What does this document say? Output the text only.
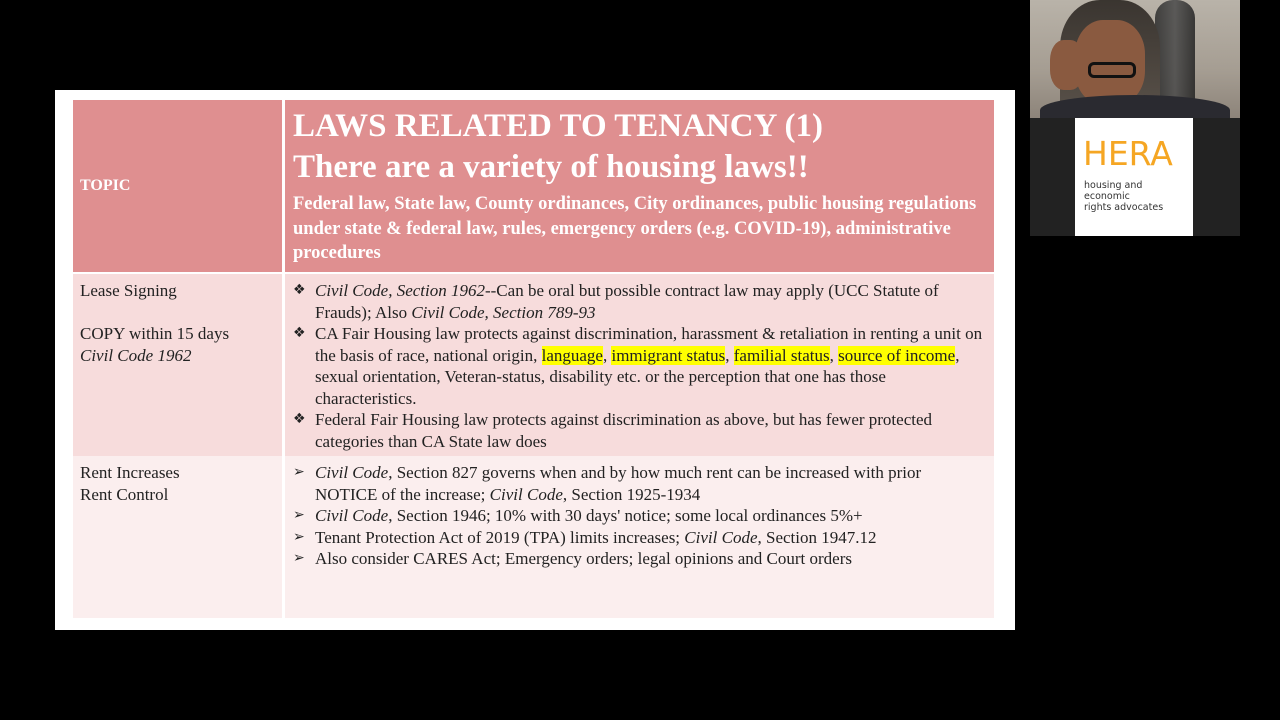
TOPIC
LAWS RELATED TO TENANCY (1)
There are a variety of housing laws!!
Federal law, State law, County ordinances, City ordinances, public housing regulations under state & federal law, rules, emergency orders (e.g. COVID-19), administrative procedures
Lease Signing
COPY within 15 days
Civil Code 1962
❖ Civil Code, Section 1962--Can be oral but possible contract law may apply (UCC Statute of Frauds); Also Civil Code, Section 789-93
❖ CA Fair Housing law protects against discrimination, harassment & retaliation in renting a unit on the basis of race, national origin, language, immigrant status, familial status, source of income, sexual orientation, Veteran-status, disability etc. or the perception that one has those characteristics.
❖ Federal Fair Housing law protects against discrimination as above, but has fewer protected categories than CA State law does
Rent Increases
Rent Control
➢ Civil Code, Section 827 governs when and by how much rent can be increased with prior NOTICE of the increase; Civil Code, Section 1925-1934
➢ Civil Code, Section 1946; 10% with 30 days' notice; some local ordinances 5%+
➢ Tenant Protection Act of 2019 (TPA) limits increases; Civil Code, Section 1947.12
➢ Also consider CARES Act; Emergency orders; legal opinions and Court orders
HERA
housing and
economic
rights advocates
